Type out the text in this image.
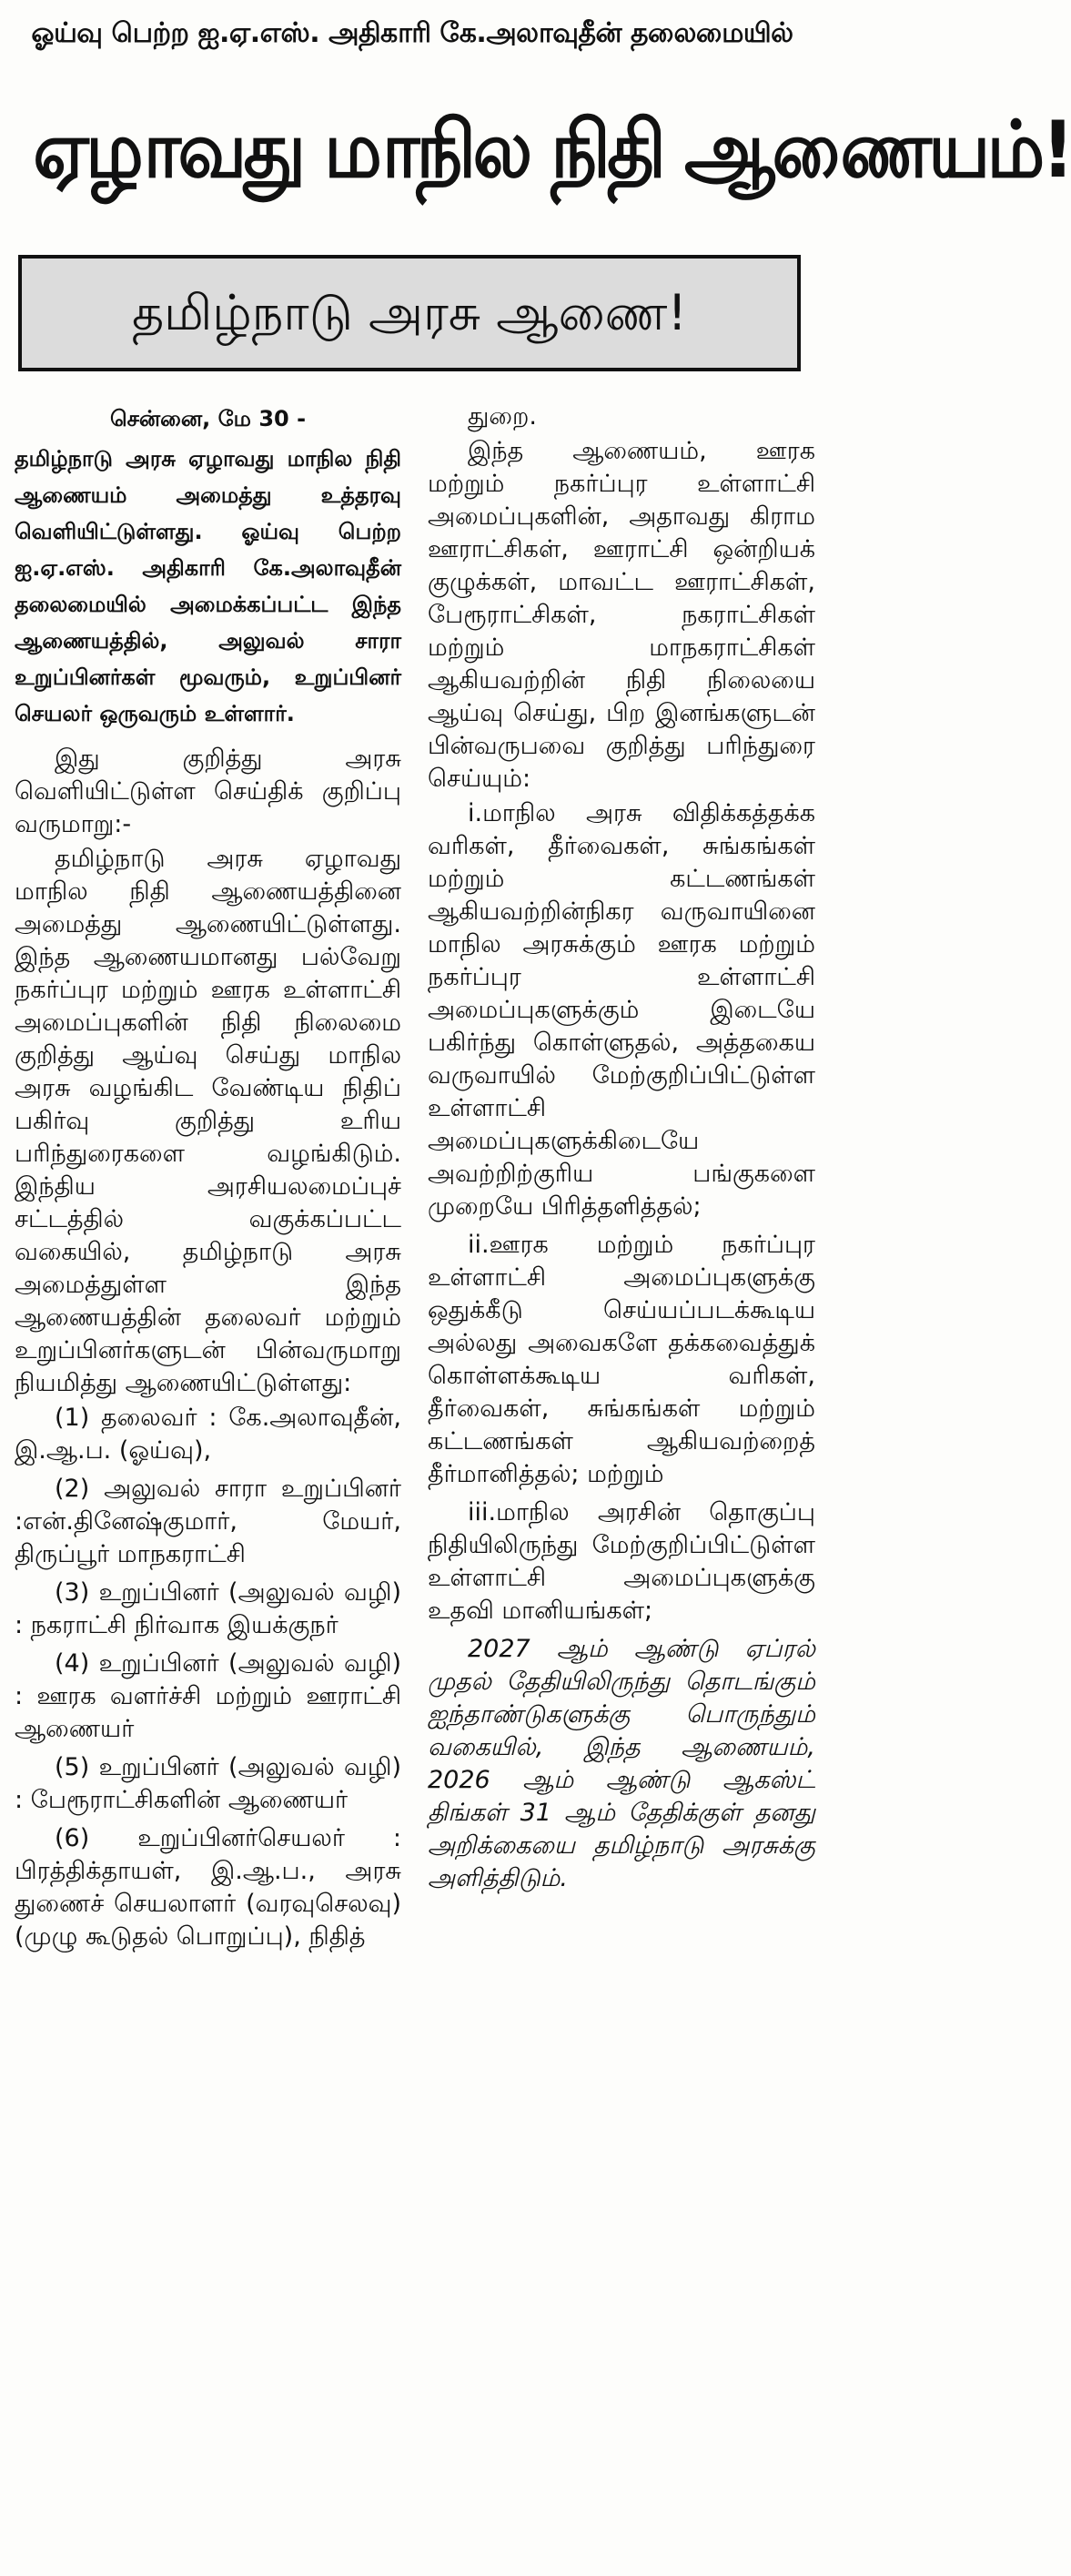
ஓய்வு பெற்ற ஐ.ஏ.எஸ். அதிகாரி கே.அலாவுதீன் தலைமையில்
ஏழாவது மாநில நிதி ஆணையம்!
தமிழ்நாடு அரசு ஆணை!
சென்னை, மே 30 -
தமிழ்நாடு அரசு ஏழாவது மாநில நிதி ஆணையம் அமைத்து உத்தரவு வெளியிட்டுள்ளது. ஓய்வு பெற்ற ஐ.ஏ.எஸ். அதிகாரி கே.அலாவுதீன் தலைமையில் அமைக்கப்பட்ட இந்த ஆணையத்தில், அலுவல் சாரா உறுப்பினர்கள் மூவரும், உறுப்பினர் செயலர் ஒருவரும் உள்ளார்.

இது குறித்து அரசு வெளியிட்டுள்ள செய்திக் குறிப்பு வருமாறு:-

தமிழ்நாடு அரசு ஏழாவது மாநில நிதி ஆணையத்தினை அமைத்து ஆணையிட்டுள்ளது. இந்த ஆணையமானது பல்வேறு நகர்ப்புர மற்றும் ஊரக உள்ளாட்சி அமைப்புகளின் நிதி நிலைமை குறித்து ஆய்வு செய்து மாநில அரசு வழங்கிட வேண்டிய நிதிப் பகிர்வு குறித்து உரிய பரிந்துரைகளை வழங்கிடும். இந்திய அரசியலமைப்புச் சட்டத்தில் வகுக்கப்பட்ட வகையில், தமிழ்நாடு அரசு அமைத்துள்ள இந்த ஆணையத்தின் தலைவர் மற்றும் உறுப்பினர்களுடன் பின்வருமாறு நியமித்து ஆணையிட்டுள்ளது:

(1) தலைவர் : கே.அலாவுதீன், இ.ஆ.ப. (ஓய்வு),

(2) அலுவல் சாரா உறுப்பினர் :என்.தினேஷ்குமார், மேயர், திருப்பூர் மாநகராட்சி

(3) உறுப்பினர் (அலுவல் வழி) : நகராட்சி நிர்வாக இயக்குநர்

(4) உறுப்பினர் (அலுவல் வழி) : ஊரக வளர்ச்சி மற்றும் ஊராட்சி ஆணையர்

(5) உறுப்பினர் (அலுவல் வழி) : பேரூராட்சிகளின் ஆணையர்

(6) உறுப்பினர்செயலர் : பிரத்திக்தாயள், இ.ஆ.ப., அரசு துணைச் செயலாளர் (வரவுசெலவு) (முழு கூடுதல் பொறுப்பு), நிதித்

துறை.

இந்த ஆணையம், ஊரக மற்றும் நகர்ப்புர உள்ளாட்சி அமைப்புகளின், அதாவது கிராம ஊராட்சிகள், ஊராட்சி ஒன்றியக் குழுக்கள், மாவட்ட ஊராட்சிகள், பேரூராட்சிகள், நகராட்சிகள் மற்றும் மாநகராட்சிகள் ஆகியவற்றின் நிதி நிலையை ஆய்வு செய்து, பிற இனங்களுடன் பின்வருபவை குறித்து பரிந்துரை செய்யும்:

i.மாநில அரசு விதிக்கத்தக்க வரிகள், தீர்வைகள், சுங்கங்கள் மற்றும் கட்டணங்கள் ஆகியவற்றின்நிகர வருவாயினை மாநில அரசுக்கும் ஊரக மற்றும் நகர்ப்புர உள்ளாட்சி அமைப்புகளுக்கும் இடையே பகிர்ந்து கொள்ளுதல், அத்தகைய வருவாயில் மேற்குறிப்பிட்டுள்ள உள்ளாட்சி அமைப்புகளுக்கிடையே அவற்றிற்குரிய பங்குகளை முறையே பிரித்தளித்தல்;

ii.ஊரக மற்றும் நகர்ப்புர உள்ளாட்சி அமைப்புகளுக்கு ஒதுக்கீடு செய்யப்படக்கூடிய அல்லது அவைகளே தக்கவைத்துக் கொள்ளக்கூடிய வரிகள், தீர்வைகள், சுங்கங்கள் மற்றும் கட்டணங்கள் ஆகியவற்றைத் தீர்மானித்தல்; மற்றும்

iii.மாநில அரசின் தொகுப்பு நிதியிலிருந்து மேற்குறிப்பிட்டுள்ள உள்ளாட்சி அமைப்புகளுக்கு உதவி மானியங்கள்;

2027 ஆம் ஆண்டு ஏப்ரல் முதல் தேதியிலிருந்து தொடங்கும் ஐந்தாண்டுகளுக்கு பொருந்தும் வகையில், இந்த ஆணையம், 2026 ஆம் ஆண்டு ஆகஸ்ட் திங்கள் 31 ஆம் தேதிக்குள் தனது அறிக்கையை தமிழ்நாடு அரசுக்கு அளித்திடும்.
